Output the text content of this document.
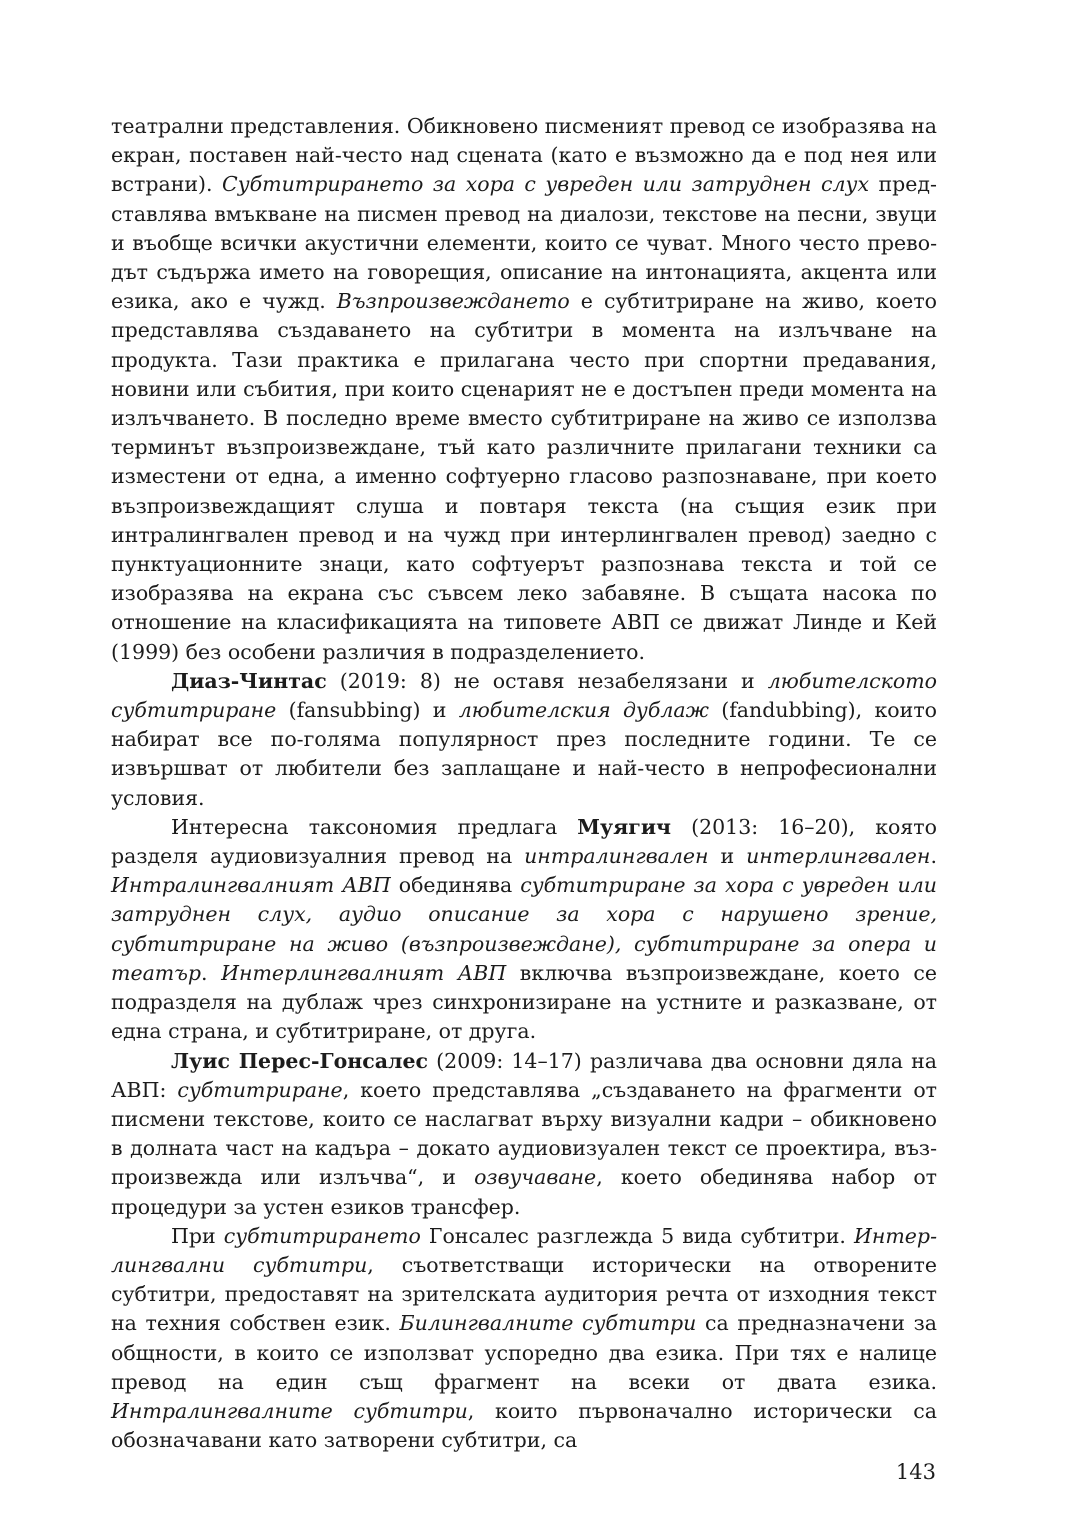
театрални представления. Обикновено писменият превод се изобразява на екран, поставен най-често над сцената (като е възможно да е под нея или встрани). Субтитрирането за хора с увреден или затруднен слух представлява вмъкване на писмен превод на диалози, текстове на песни, звуци и въобще всички акустични елементи, които се чуват. Много често преводът съдържа името на говорещия, описание на интонацията, акцента или езика, ако е чужд. Възпроизвеждането е субтитриране на живо, което представлява създаването на субтитри в момента на излъчване на продукта. Тази практика е прилагана често при спортни предавания, новини или събития, при които сценарият не е достъпен преди момента на излъчването. В последно време вместо субтитриране на живо се използва терминът възпроизвеждане, тъй като различните прилагани техники са изместени от една, а именно софтуерно гласово разпознаване, при което възпроизвеждащият слуша и повтаря текста (на същия език при интралингвален превод и на чужд при интерлингвален превод) заедно с пунктуационните знаци, като софтуерът разпознава текста и той се изобразява на екрана със съвсем леко забавяне. В същата насока по отношение на класификацията на типовете АВП се движат Линде и Кей (1999) без особени различия в подразделението.

Диаз-Чинтас (2019: 8) не оставя незабелязани и любителското субтитриране (fansubbing) и любителския дублаж (fandubbing), които набират все по-голяма популярност през последните години. Те се извършват от любители без заплащане и най-често в непрофесионални условия.

Интересна таксономия предлага Муягич (2013: 16–20), която разделя аудиовизуалния превод на интралингвален и интерлингвален. Интралингвалният АВП обединява субтитриране за хора с увреден или затруднен слух, аудио описание за хора с нарушено зрение, субтитриране на живо (възпроизвеждане), субтитриране за опера и театър. Интерлингвалният АВП включва възпроизвеждане, което се подразделя на дублаж чрез синхронизиране на устните и разказване, от една страна, и субтитриране, от друга.

Луис Перес-Гонсалес (2009: 14–17) различава два основни дяла на АВП: субтитриране, което представлява „създаването на фрагменти от писмени текстове, които се наслагват върху визуални кадри – обикновено в долната част на кадъра – докато аудиовизуален текст се проектира, възпроизвежда или излъчва“, и озвучаване, което обединява набор от процедури за устен езиков трансфер.

При субтитрирането Гонсалес разглежда 5 вида субтитри. Интерлингвални субтитри, съответстващи исторически на отворените субтитри, предоставят на зрителската аудитория речта от изходния текст на техния собствен език. Билингвалните субтитри са предназначени за общности, в които се използват успоредно два езика. При тях е налице превод на един същ фрагмент на всеки от двата езика. Интралингвалните субтитри, които първоначално исторически са обозначавани като затворени субтитри, са

143
